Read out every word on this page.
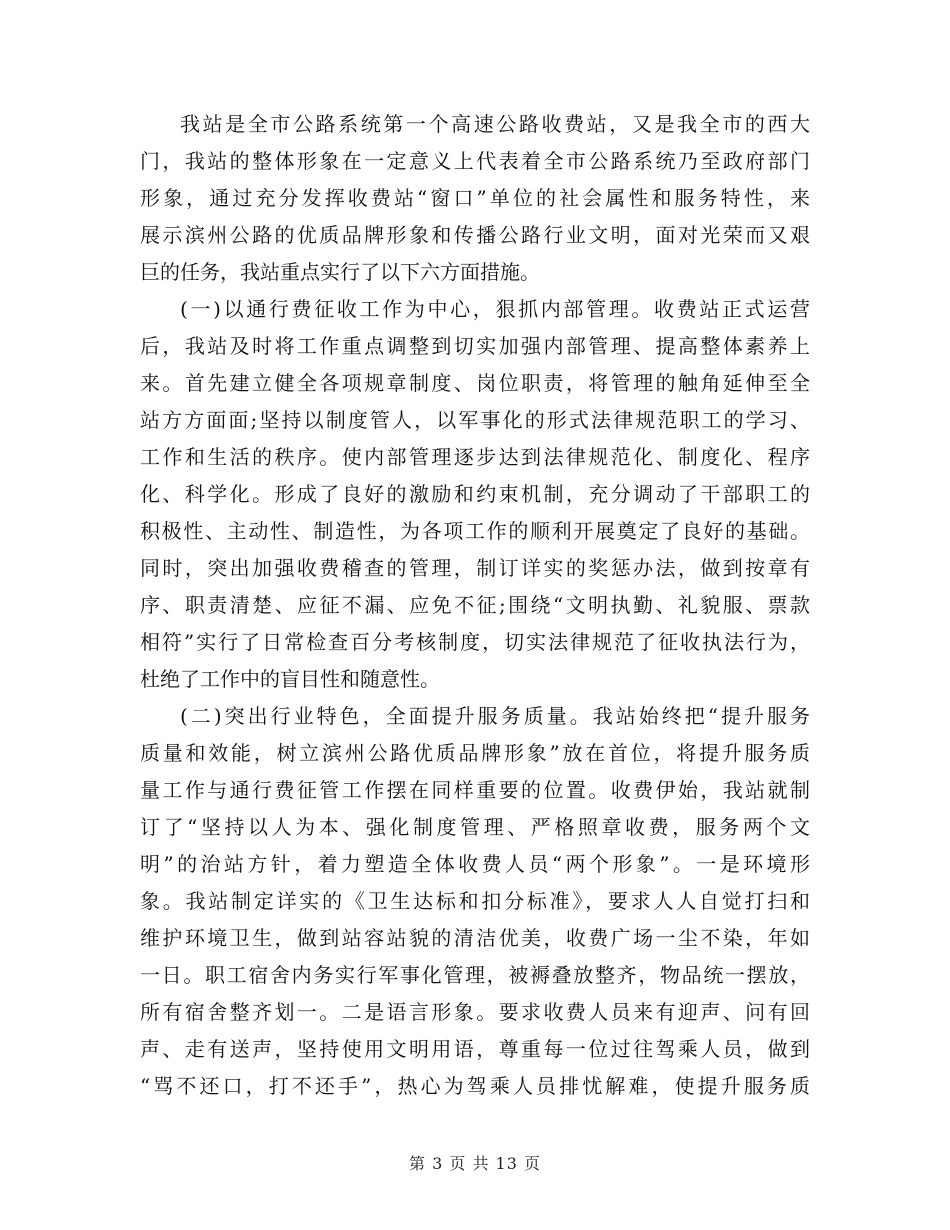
我站是全市公路系统第一个高速公路收费站，又是我全市的西大
门，我站的整体形象在一定意义上代表着全市公路系统乃至政府部门
形象，通过充分发挥收费站“窗口”单位的社会属性和服务特性，来
展示滨州公路的优质品牌形象和传播公路行业文明，面对光荣而又艰
巨的任务，我站重点实行了以下六方面措施。
(一)以通行费征收工作为中心，狠抓内部管理。收费站正式运营
后，我站及时将工作重点调整到切实加强内部管理、提高整体素养上
来。首先建立健全各项规章制度、岗位职责，将管理的触角延伸至全
站方方面面;坚持以制度管人，以军事化的形式法律规范职工的学习、
工作和生活的秩序。使内部管理逐步达到法律规范化、制度化、程序
化、科学化。形成了良好的激励和约束机制，充分调动了干部职工的
积极性、主动性、制造性，为各项工作的顺利开展奠定了良好的基础。
同时，突出加强收费稽查的管理，制订详实的奖惩办法，做到按章有
序、职责清楚、应征不漏、应免不征;围绕“文明执勤、礼貌服、票款
相符”实行了日常检查百分考核制度，切实法律规范了征收执法行为，
杜绝了工作中的盲目性和随意性。
(二)突出行业特色，全面提升服务质量。我站始终把“提升服务
质量和效能，树立滨州公路优质品牌形象”放在首位，将提升服务质
量工作与通行费征管工作摆在同样重要的位置。收费伊始，我站就制
订了“坚持以人为本、强化制度管理、严格照章收费，服务两个文
明”的治站方针，着力塑造全体收费人员“两个形象”。一是环境形
象。我站制定详实的《卫生达标和扣分标准》，要求人人自觉打扫和
维护环境卫生，做到站容站貌的清洁优美，收费广场一尘不染，年如
一日。职工宿舍内务实行军事化管理，被褥叠放整齐，物品统一摆放，
所有宿舍整齐划一。二是语言形象。要求收费人员来有迎声、问有回
声、走有送声，坚持使用文明用语，尊重每一位过往驾乘人员，做到
“骂不还口，打不还手”，热心为驾乘人员排忧解难，使提升服务质
第 3 页 共 13 页
